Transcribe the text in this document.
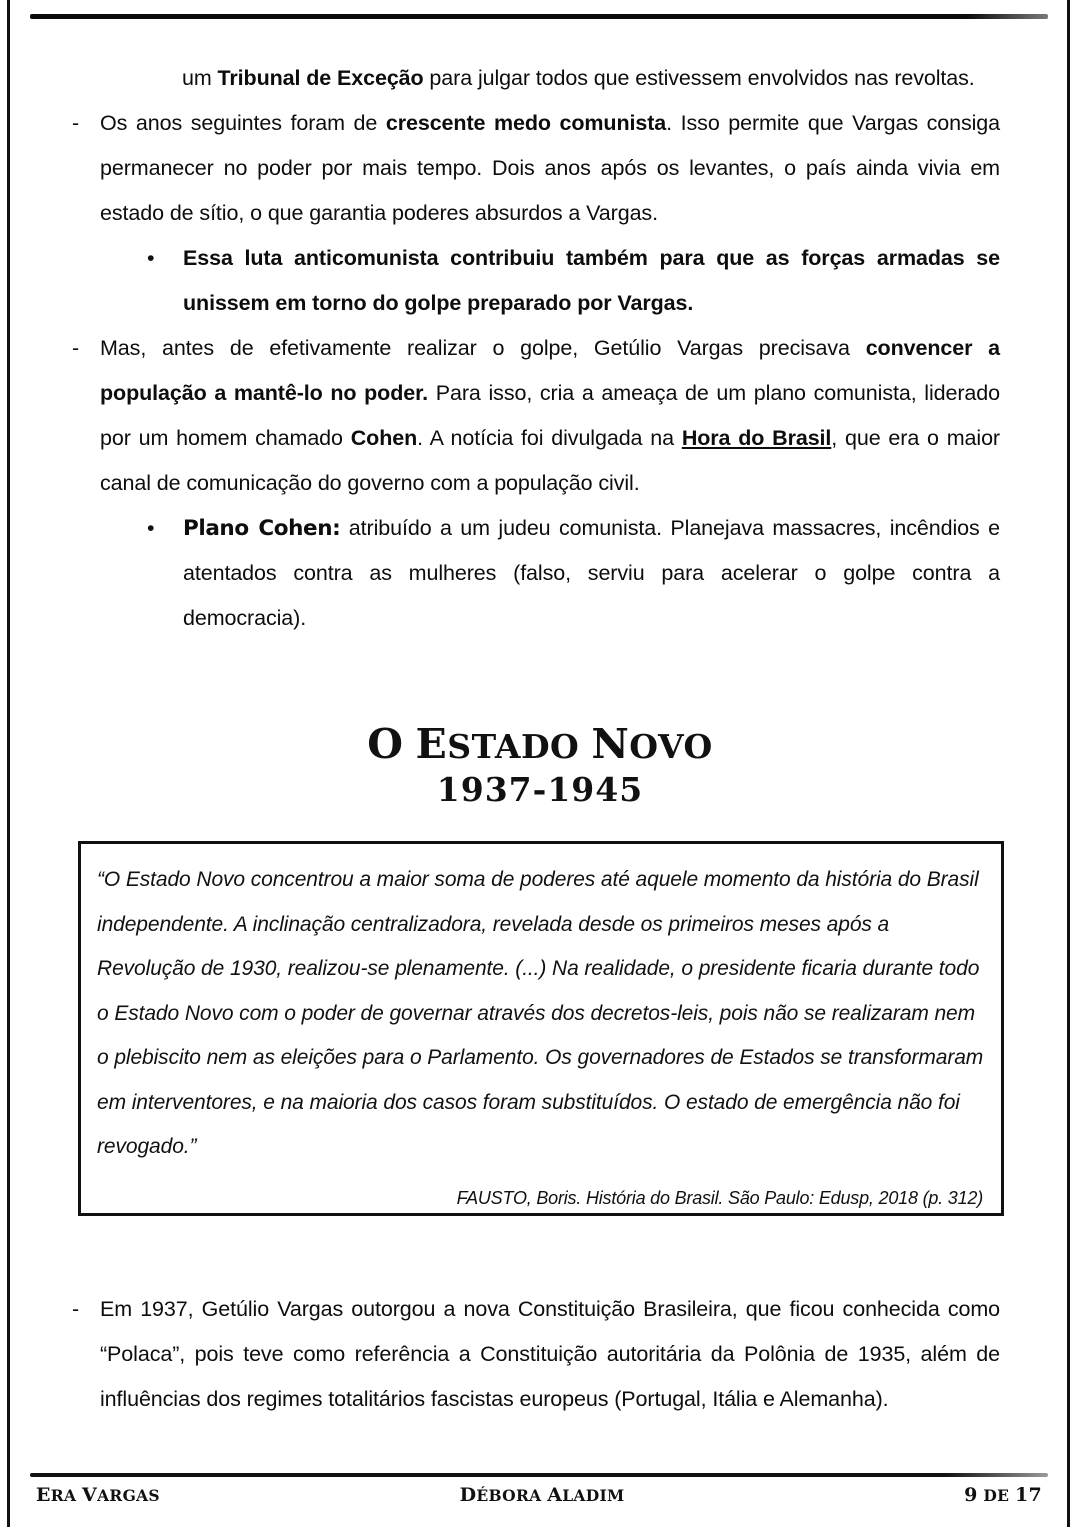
um Tribunal de Exceção para julgar todos que estivessem envolvidos nas revoltas.
- Os anos seguintes foram de crescente medo comunista. Isso permite que Vargas consiga permanecer no poder por mais tempo. Dois anos após os levantes, o país ainda vivia em estado de sítio, o que garantia poderes absurdos a Vargas.
•	Essa luta anticomunista contribuiu também para que as forças armadas se unissem em torno do golpe preparado por Vargas.
- Mas, antes de efetivamente realizar o golpe, Getúlio Vargas precisava convencer a população a mantê-lo no poder. Para isso, cria a ameaça de um plano comunista, liderado por um homem chamado Cohen. A notícia foi divulgada na Hora do Brasil, que era o maior canal de comunicação do governo com a população civil.
•	Plano Cohen: atribuído a um judeu comunista. Planejava massacres, incêndios e atentados contra as mulheres (falso, serviu para acelerar o golpe contra a democracia).
O ESTADO NOVO
1937-1945
“O Estado Novo concentrou a maior soma de poderes até aquele momento da história do Brasil independente. A inclinação centralizadora, revelada desde os primeiros meses após a Revolução de 1930, realizou-se plenamente. (...) Na realidade, o presidente ficaria durante todo o Estado Novo com o poder de governar através dos decretos-leis, pois não se realizaram nem o plebiscito nem as eleições para o Parlamento. Os governadores de Estados se transformaram em interventores, e na maioria dos casos foram substituídos. O estado de emergência não foi revogado.”
FAUSTO, Boris. História do Brasil. São Paulo: Edusp, 2018 (p. 312)
- Em 1937, Getúlio Vargas outorgou a nova Constituição Brasileira, que ficou conhecida como “Polaca”, pois teve como referência a Constituição autoritária da Polônia de 1935, além de influências dos regimes totalitários fascistas europeus (Portugal, Itália e Alemanha).
ERA VARGAS	DÉBORA ALADIM	9 DE 17
